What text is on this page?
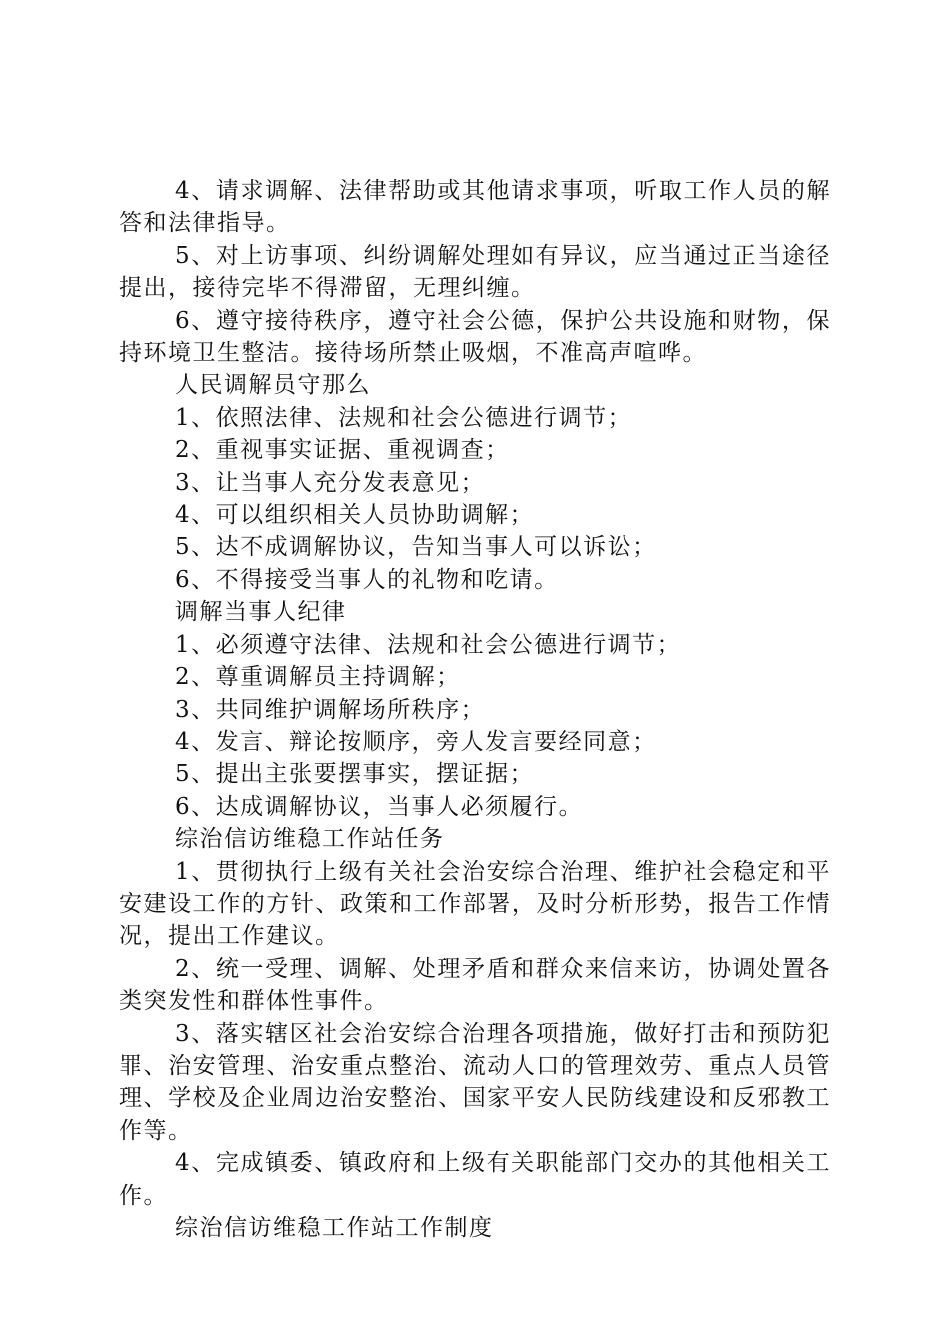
4、请求调解、法律帮助或其他请求事项，听取工作人员的解答和法律指导。

5、对上访事项、纠纷调解处理如有异议，应当通过正当途径提出，接待完毕不得滞留，无理纠缠。

6、遵守接待秩序，遵守社会公德，保护公共设施和财物，保持环境卫生整洁。接待场所禁止吸烟，不准高声喧哗。

人民调解员守那么

1、依照法律、法规和社会公德进行调节；

2、重视事实证据、重视调查；

3、让当事人充分发表意见；

4、可以组织相关人员协助调解；

5、达不成调解协议，告知当事人可以诉讼；

6、不得接受当事人的礼物和吃请。

调解当事人纪律

1、必须遵守法律、法规和社会公德进行调节；

2、尊重调解员主持调解；

3、共同维护调解场所秩序；

4、发言、辩论按顺序，旁人发言要经同意；

5、提出主张要摆事实，摆证据；

6、达成调解协议，当事人必须履行。

综治信访维稳工作站任务

1、贯彻执行上级有关社会治安综合治理、维护社会稳定和平安建设工作的方针、政策和工作部署，及时分析形势，报告工作情况，提出工作建议。

2、统一受理、调解、处理矛盾和群众来信来访，协调处置各类突发性和群体性事件。

3、落实辖区社会治安综合治理各项措施，做好打击和预防犯罪、治安管理、治安重点整治、流动人口的管理效劳、重点人员管理、学校及企业周边治安整治、国家平安人民防线建设和反邪教工作等。

4、完成镇委、镇政府和上级有关职能部门交办的其他相关工作。

综治信访维稳工作站工作制度
